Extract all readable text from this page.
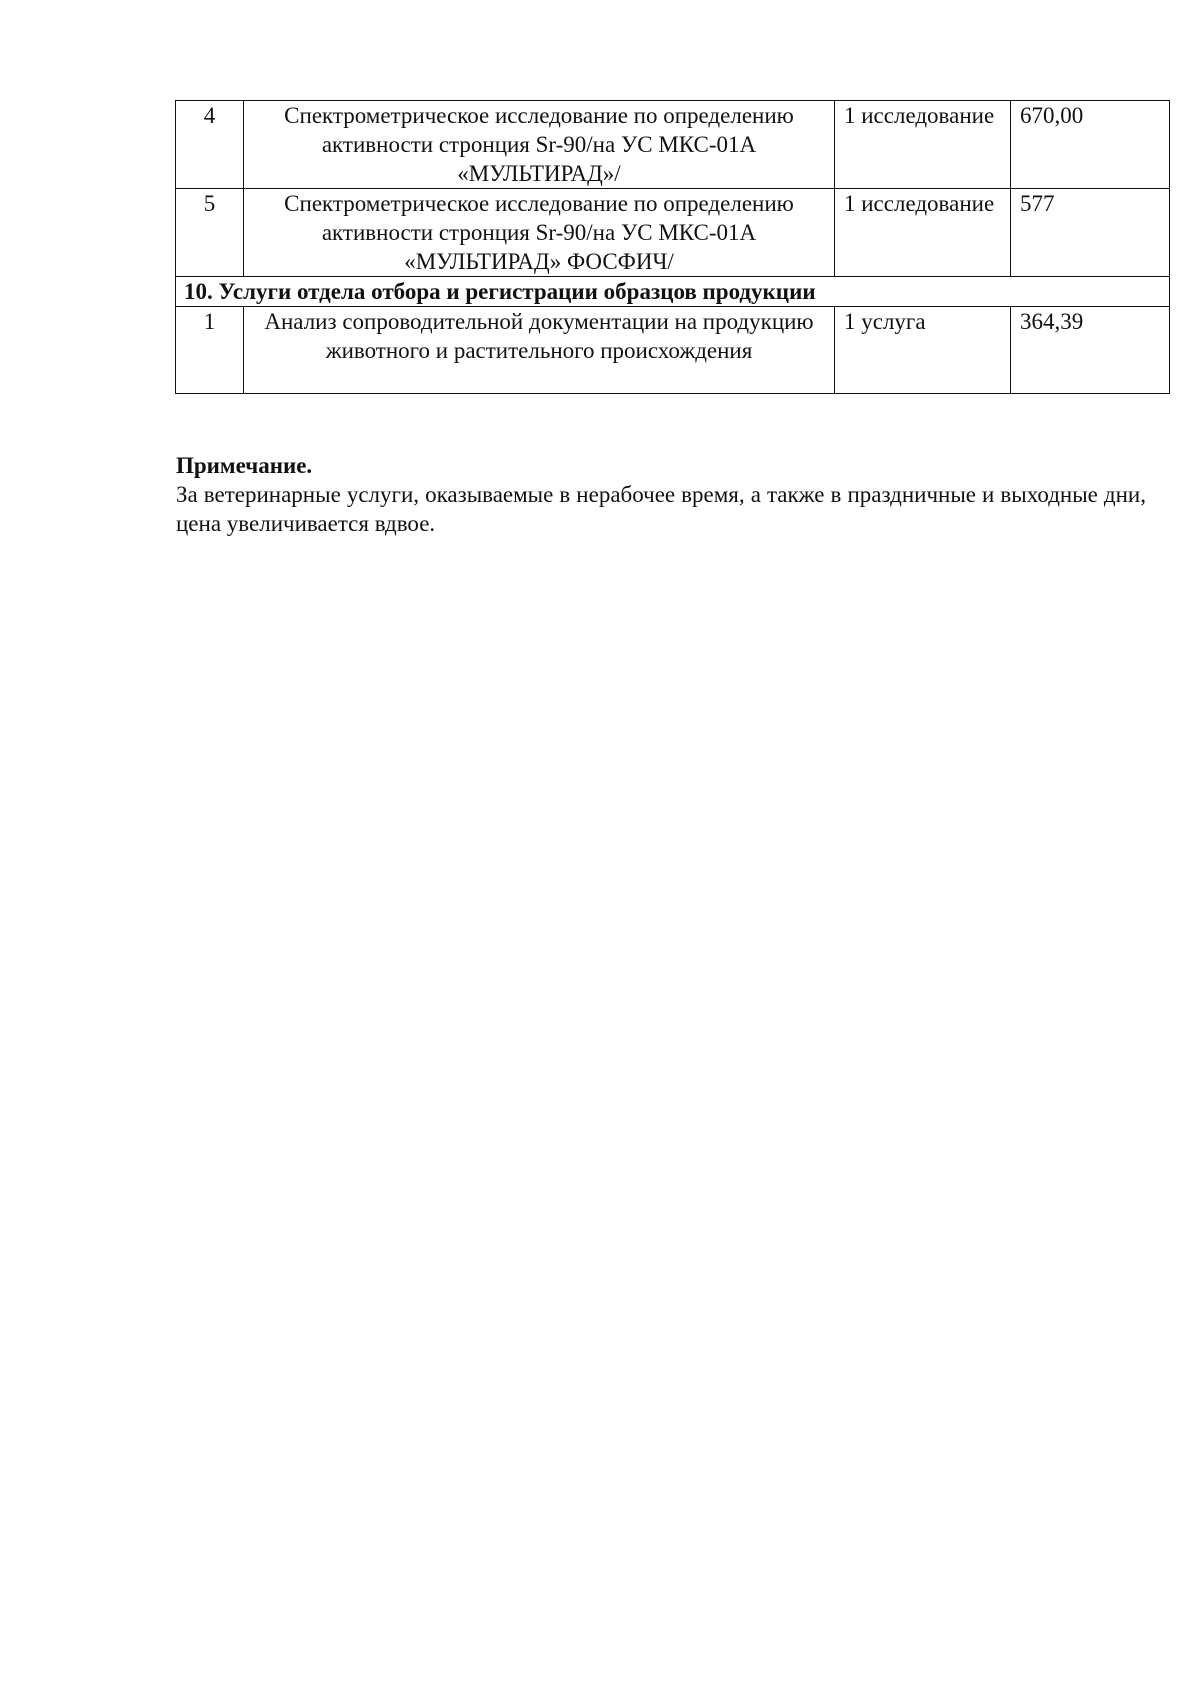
4	Спектрометрическое исследование по определению активности стронция Sr-90/на УС МКС-01А «МУЛЬТИРАД»/	1 исследование	670,00
5	Спектрометрическое исследование по определению активности стронция Sr-90/на УС МКС-01А «МУЛЬТИРАД» ФОСФИЧ/	1 исследование	577
10. Услуги отдела отбора и регистрации образцов продукции			
1	Анализ сопроводительной документации на продукцию животного и растительного происхождения	1 услуга	364,39

Примечание.

За ветеринарные услуги, оказываемые в нерабочее время, а также в праздничные и выходные дни, цена увеличивается вдвое.
